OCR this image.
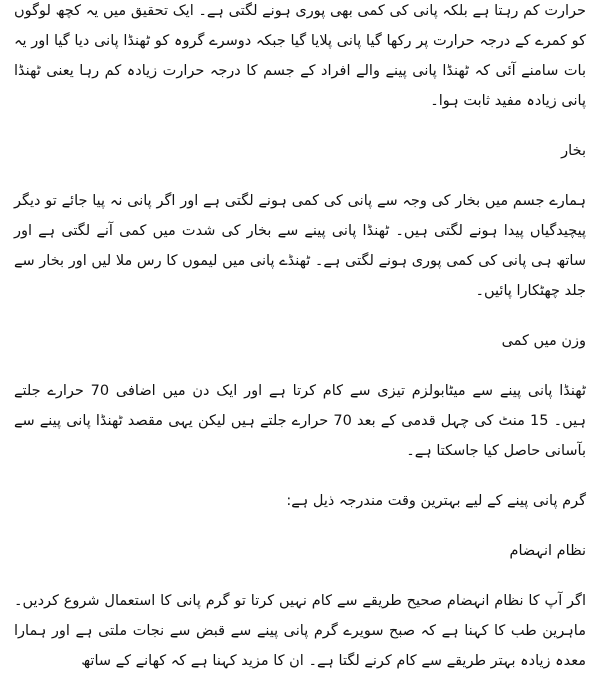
حرارت کم رہتا ہے بلکہ پانی کی کمی بھی پوری ہونے لگتی ہے۔ ایک تحقیق میں یہ کچھ لوگوں کو کمرے کے درجہ حرارت پر رکھا گیا پانی پلایا گیا جبکہ دوسرے گروہ کو ٹھنڈا پانی دیا گیا اور یہ بات سامنے آئی کہ ٹھنڈا پانی پینے والے افراد کے جسم کا درجہ حرارت زیادہ کم رہا یعنی ٹھنڈا پانی زیادہ مفید ثابت ہوا۔

بخار

ہمارے جسم میں بخار کی وجہ سے پانی کی کمی ہونے لگتی ہے اور اگر پانی نہ پیا جائے تو دیگر پیچیدگیاں پیدا ہونے لگتی ہیں۔ ٹھنڈا پانی پینے سے بخار کی شدت میں کمی آنے لگتی ہے اور ساتھ ہی پانی کی کمی پوری ہونے لگتی ہے۔ ٹھنڈے پانی میں لیموں کا رس ملا لیں اور بخار سے جلد چھٹکارا پائیں۔

وزن میں کمی

ٹھنڈا پانی پینے سے میٹابولزم تیزی سے کام کرتا ہے اور ایک دن میں اضافی 70 حرارے جلتے ہیں۔ 15 منٹ کی چہل قدمی کے بعد 70 حرارے جلتے ہیں لیکن یہی مقصد ٹھنڈا پانی پینے سے بآسانی حاصل کیا جاسکتا ہے۔

گرم پانی پینے کے لیے بہترین وقت مندرجہ ذیل ہے:

نظام انہضام

اگر آپ کا نظام انہضام صحیح طریقے سے کام نہیں کرتا تو گرم پانی کا استعمال شروع کردیں۔ ماہرین طب کا کہنا ہے کہ صبح سویرے گرم پانی پینے سے قبض سے نجات ملتی ہے اور ہمارا معدہ زیادہ بہتر طریقے سے کام کرنے لگتا ہے۔ ان کا مزید کہنا ہے کہ کھانے کے ساتھ
